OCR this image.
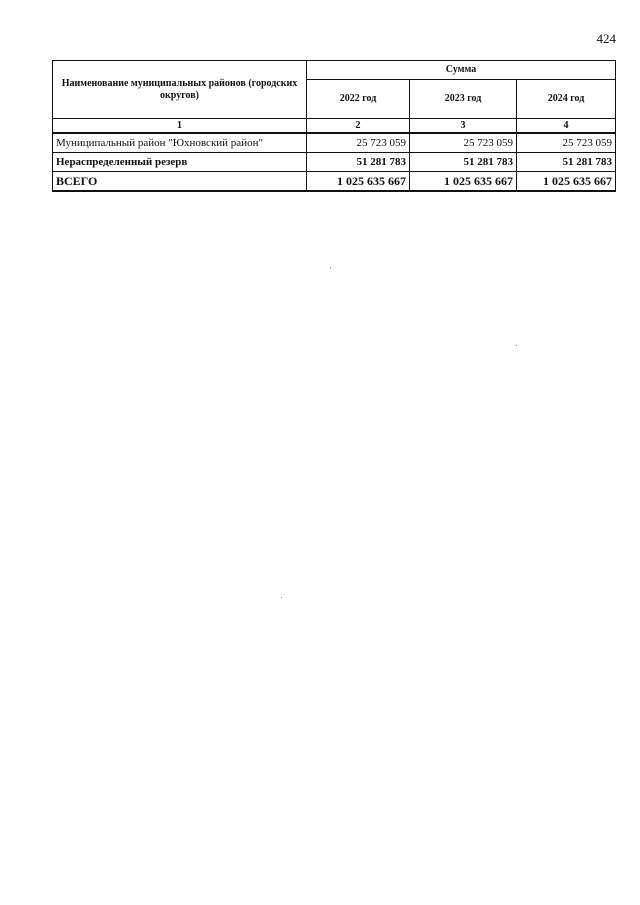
424
Наименование муниципальных районов (городских округов)	Сумма		
	2022 год	2023 год	2024 год
1	2	3	4
Муниципальный район "Юхновский район"	25 723 059	25 723 059	25 723 059
Нераспределенный резерв	51 281 783	51 281 783	51 281 783
ВСЕГО	1 025 635 667	1 025 635 667	1 025 635 667
